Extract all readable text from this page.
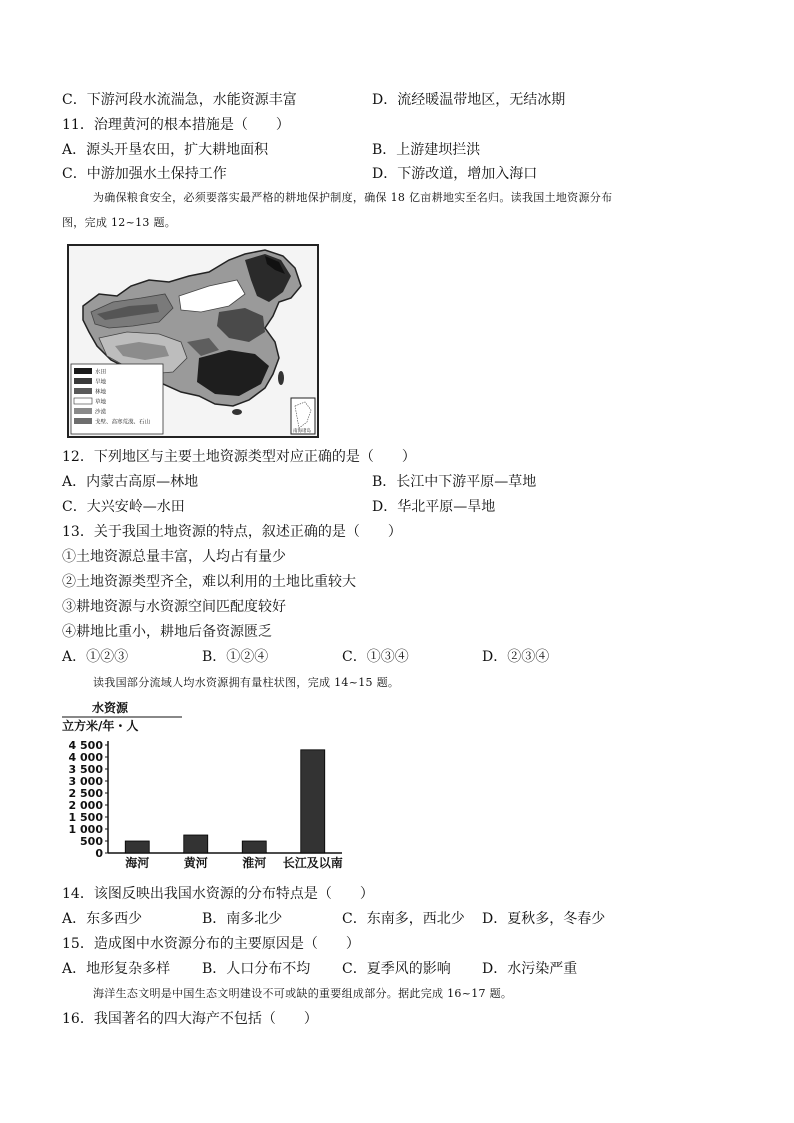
C．下游河段水流湍急，水能资源丰富	D．流经暖温带地区，无结冰期
11．治理黄河的根本措施是（　　）
A．源头开垦农田，扩大耕地面积	B．上游建坝拦洪
C．中游加强水土保持工作	D．下游改道，增加入海口
为确保粮食安全，必须要落实最严格的耕地保护制度，确保 18 亿亩耕地实至名归。读我国土地资源分布
图，完成 12~13 题。
水田
旱地
林地
草地
沙漠
戈壁、高寒荒漠、石山
南海诸岛
12．下列地区与主要土地资源类型对应正确的是（　　）
A．内蒙古高原—林地	B．长江中下游平原—草地
C．大兴安岭—水田	D．华北平原—旱地
13．关于我国土地资源的特点，叙述正确的是（　　）
①土地资源总量丰富，人均占有量少
②土地资源类型齐全，难以利用的土地比重较大
③耕地资源与水资源空间匹配度较好
④耕地比重小，耕地后备资源匮乏
A．①②③	B．①②④	C．①③④	D．②③④
读我国部分流域人均水资源拥有量柱状图，完成 14~15 题。
水资源
立方米/年・人
0
500
1 000
1 500
2 000
2 500
3 000
3 500
4 000
4 500
海河	黄河	淮河 长江及以南
14．该图反映出我国水资源的分布特点是（　　）
A．东多西少	B．南多北少	C．东南多，西北少 D．夏秋多，冬春少
15．造成图中水资源分布的主要原因是（　　）
A．地形复杂多样 B．人口分布不均 C．夏季风的影响 D．水污染严重
海洋生态文明是中国生态文明建设不可或缺的重要组成部分。据此完成 16~17 题。
16．我国著名的四大海产不包括（　　）
